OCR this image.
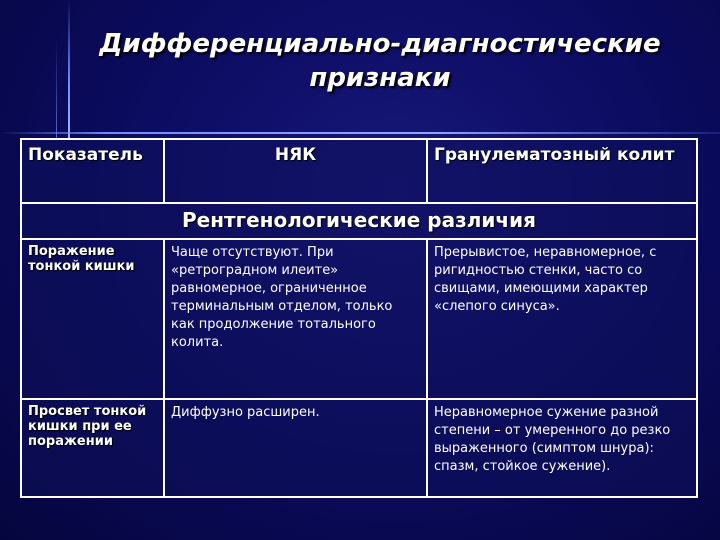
Дифференциально-диагностические
признаки
Показатель	НЯК	Гранулематозный колит

Рентгенологические различия		

Поражение тонкой кишки	Чаще отсутствуют. При «ретроградном илеите» равномерное, ограниченное терминальным отделом, только как продолжение тотального колита.	Прерывистое, неравномерное, с ригидностью стенки, часто со свищами, имеющими характер «слепого синуса».

Просвет тонкой кишки при ее поражении	Диффузно расширен.	Неравномерное сужение разной степени – от умеренного до резко выраженного (симптом шнура): спазм, стойкое сужение).
